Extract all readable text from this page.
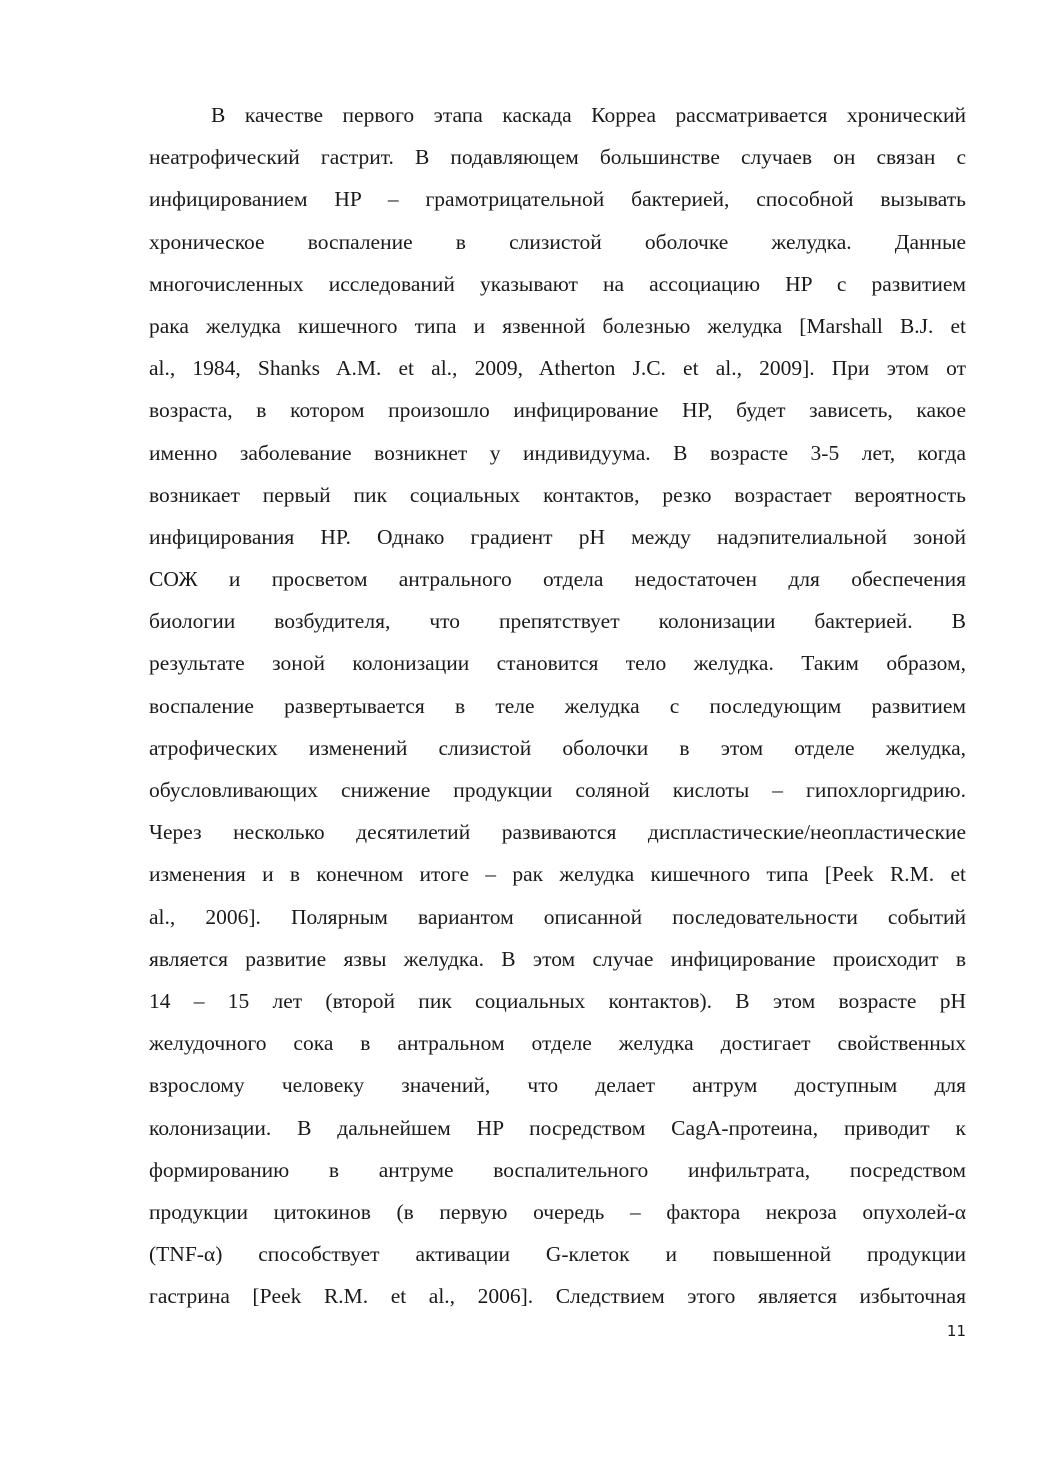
В качестве первого этапа каскада Корреа рассматривается хронический
неатрофический гастрит. В подавляющем большинстве случаев он связан с
инфицированием HP – грамотрицательной бактерией, способной вызывать
хроническое воспаление в слизистой оболочке желудка. Данные
многочисленных исследований указывают на ассоциацию HP с развитием
рака желудка кишечного типа и язвенной болезнью желудка [Marshall B.J. et
al., 1984, Shanks A.M. et al., 2009, Atherton J.C. et al., 2009]. При этом от
возраста, в котором произошло инфицирование HP, будет зависеть, какое
именно заболевание возникнет у индивидуума. В возрасте 3-5 лет, когда
возникает первый пик социальных контактов, резко возрастает вероятность
инфицирования HP. Однако градиент pH между надэпителиальной зоной
СОЖ и просветом антрального отдела недостаточен для обеспечения
биологии возбудителя, что препятствует колонизации бактерией. В
результате зоной колонизации становится тело желудка. Таким образом,
воспаление развертывается в теле желудка с последующим развитием
атрофических изменений слизистой оболочки в этом отделе желудка,
обусловливающих снижение продукции соляной кислоты – гипохлоргидрию.
Через несколько десятилетий развиваются диспластические/неопластические
изменения и в конечном итоге – рак желудка кишечного типа [Peek R.M. et
al., 2006]. Полярным вариантом описанной последовательности событий
является развитие язвы желудка. В этом случае инфицирование происходит в
14 – 15 лет (второй пик социальных контактов). В этом возрасте pH
желудочного сока в антральном отделе желудка достигает свойственных
взрослому человеку значений, что делает антрум доступным для
колонизации. В дальнейшем HP посредством CagA-протеина, приводит к
формированию в антруме воспалительного инфильтрата, посредством
продукции цитокинов (в первую очередь – фактора некроза опухолей-α
(TNF-α) способствует активации G-клеток и повышенной продукции
гастрина [Peek R.M. et al., 2006]. Следствием этого является избыточная
11
